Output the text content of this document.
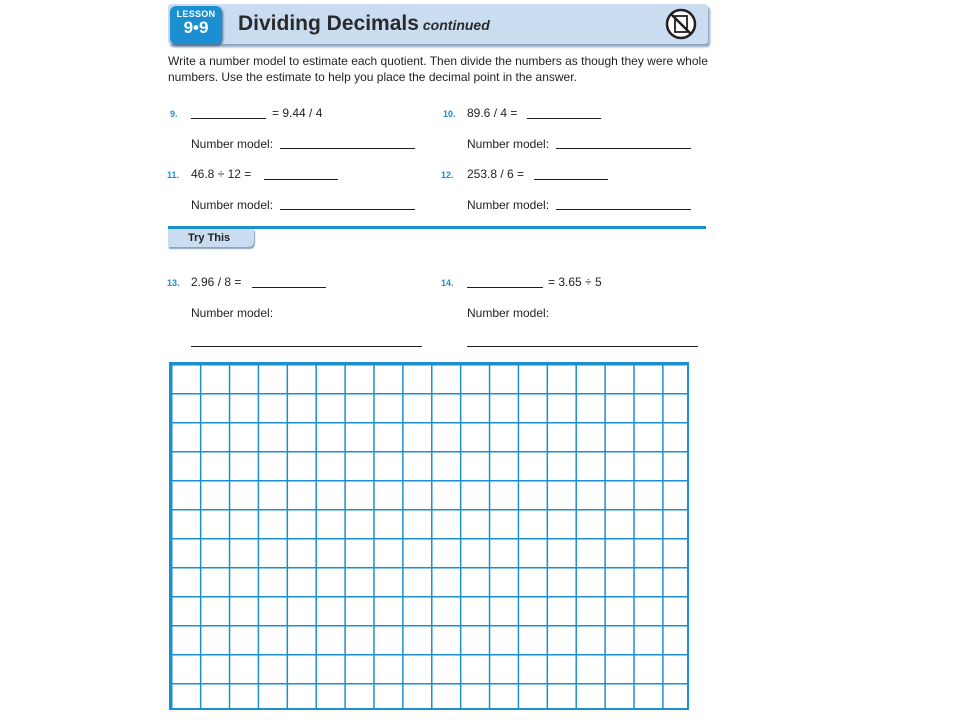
LESSON
9•9	Dividing Decimals continued
Write a number model to estimate each quotient. Then divide the numbers as though they were whole numbers. Use the estimate to help you place the decimal point in the answer.
9.	= 9.44 / 4
Number model:
10. 89.6 / 4 =
Number model:
11. 46.8 ÷ 12 =
Number model:
12. 253.8 / 6 =
Number model:
Try This
13. 2.96 / 8 =
Number model:
14.	= 3.65 ÷ 5
Number model:
